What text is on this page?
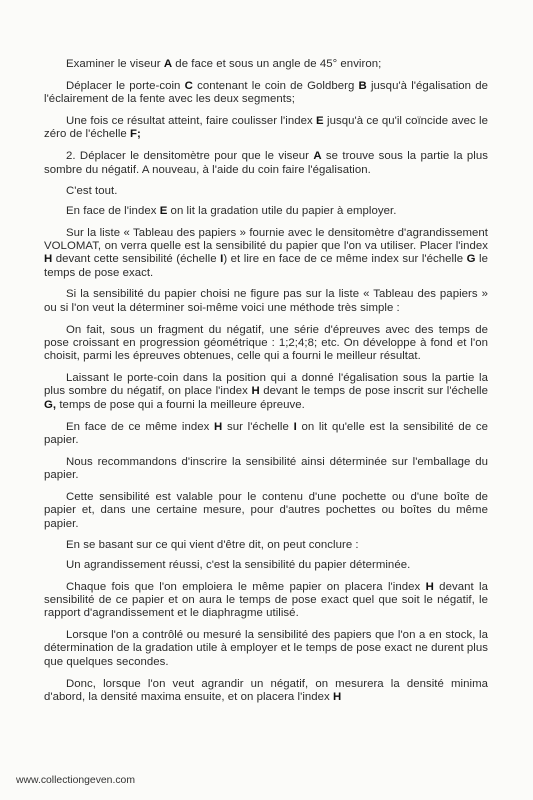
Examiner le viseur A de face et sous un angle de 45° environ;

Déplacer le porte-coin C contenant le coin de Goldberg B jusqu'à l'égalisation de l'éclairement de la fente avec les deux segments;

Une fois ce résultat atteint, faire coulisser l'index E jusqu'à ce qu'il coïncide avec le zéro de l'échelle F;

2. Déplacer le densitomètre pour que le viseur A se trouve sous la partie la plus sombre du négatif. A nouveau, à l'aide du coin faire l'égalisation.

C'est tout.

En face de l'index E on lit la gradation utile du papier à employer.

Sur la liste « Tableau des papiers » fournie avec le densitomètre d'agrandissement VOLOMAT, on verra quelle est la sensibilité du papier que l'on va utiliser. Placer l'index H devant cette sensibilité (échelle I) et lire en face de ce même index sur l'échelle G le temps de pose exact.

Si la sensibilité du papier choisi ne figure pas sur la liste « Tableau des papiers » ou si l'on veut la déterminer soi-même voici une méthode très simple :

On fait, sous un fragment du négatif, une série d'épreuves avec des temps de pose croissant en progression géométrique : 1;2;4;8; etc. On développe à fond et l'on choisit, parmi les épreuves obtenues, celle qui a fourni le meilleur résultat.

Laissant le porte-coin dans la position qui a donné l'égalisation sous la partie la plus sombre du négatif, on place l'index H devant le temps de pose inscrit sur l'échelle G, temps de pose qui a fourni la meilleure épreuve.

En face de ce même index H sur l'échelle I on lit qu'elle est la sensibilité de ce papier.

Nous recommandons d'inscrire la sensibilité ainsi déterminée sur l'emballage du papier.

Cette sensibilité est valable pour le contenu d'une pochette ou d'une boîte de papier et, dans une certaine mesure, pour d'autres pochettes ou boîtes du même papier.

En se basant sur ce qui vient d'être dit, on peut conclure :

Un agrandissement réussi, c'est la sensibilité du papier déterminée.

Chaque fois que l'on emploiera le même papier on placera l'index H devant la sensibilité de ce papier et on aura le temps de pose exact quel que soit le négatif, le rapport d'agrandissement et le diaphragme utilisé.

Lorsque l'on a contrôlé ou mesuré la sensibilité des papiers que l'on a en stock, la détermination de la gradation utile à employer et le temps de pose exact ne durent plus que quelques secondes.

Donc, lorsque l'on veut agrandir un négatif, on mesurera la densité minima d'abord, la densité maxima ensuite, et on placera l'index H

www.collectiongeven.com
